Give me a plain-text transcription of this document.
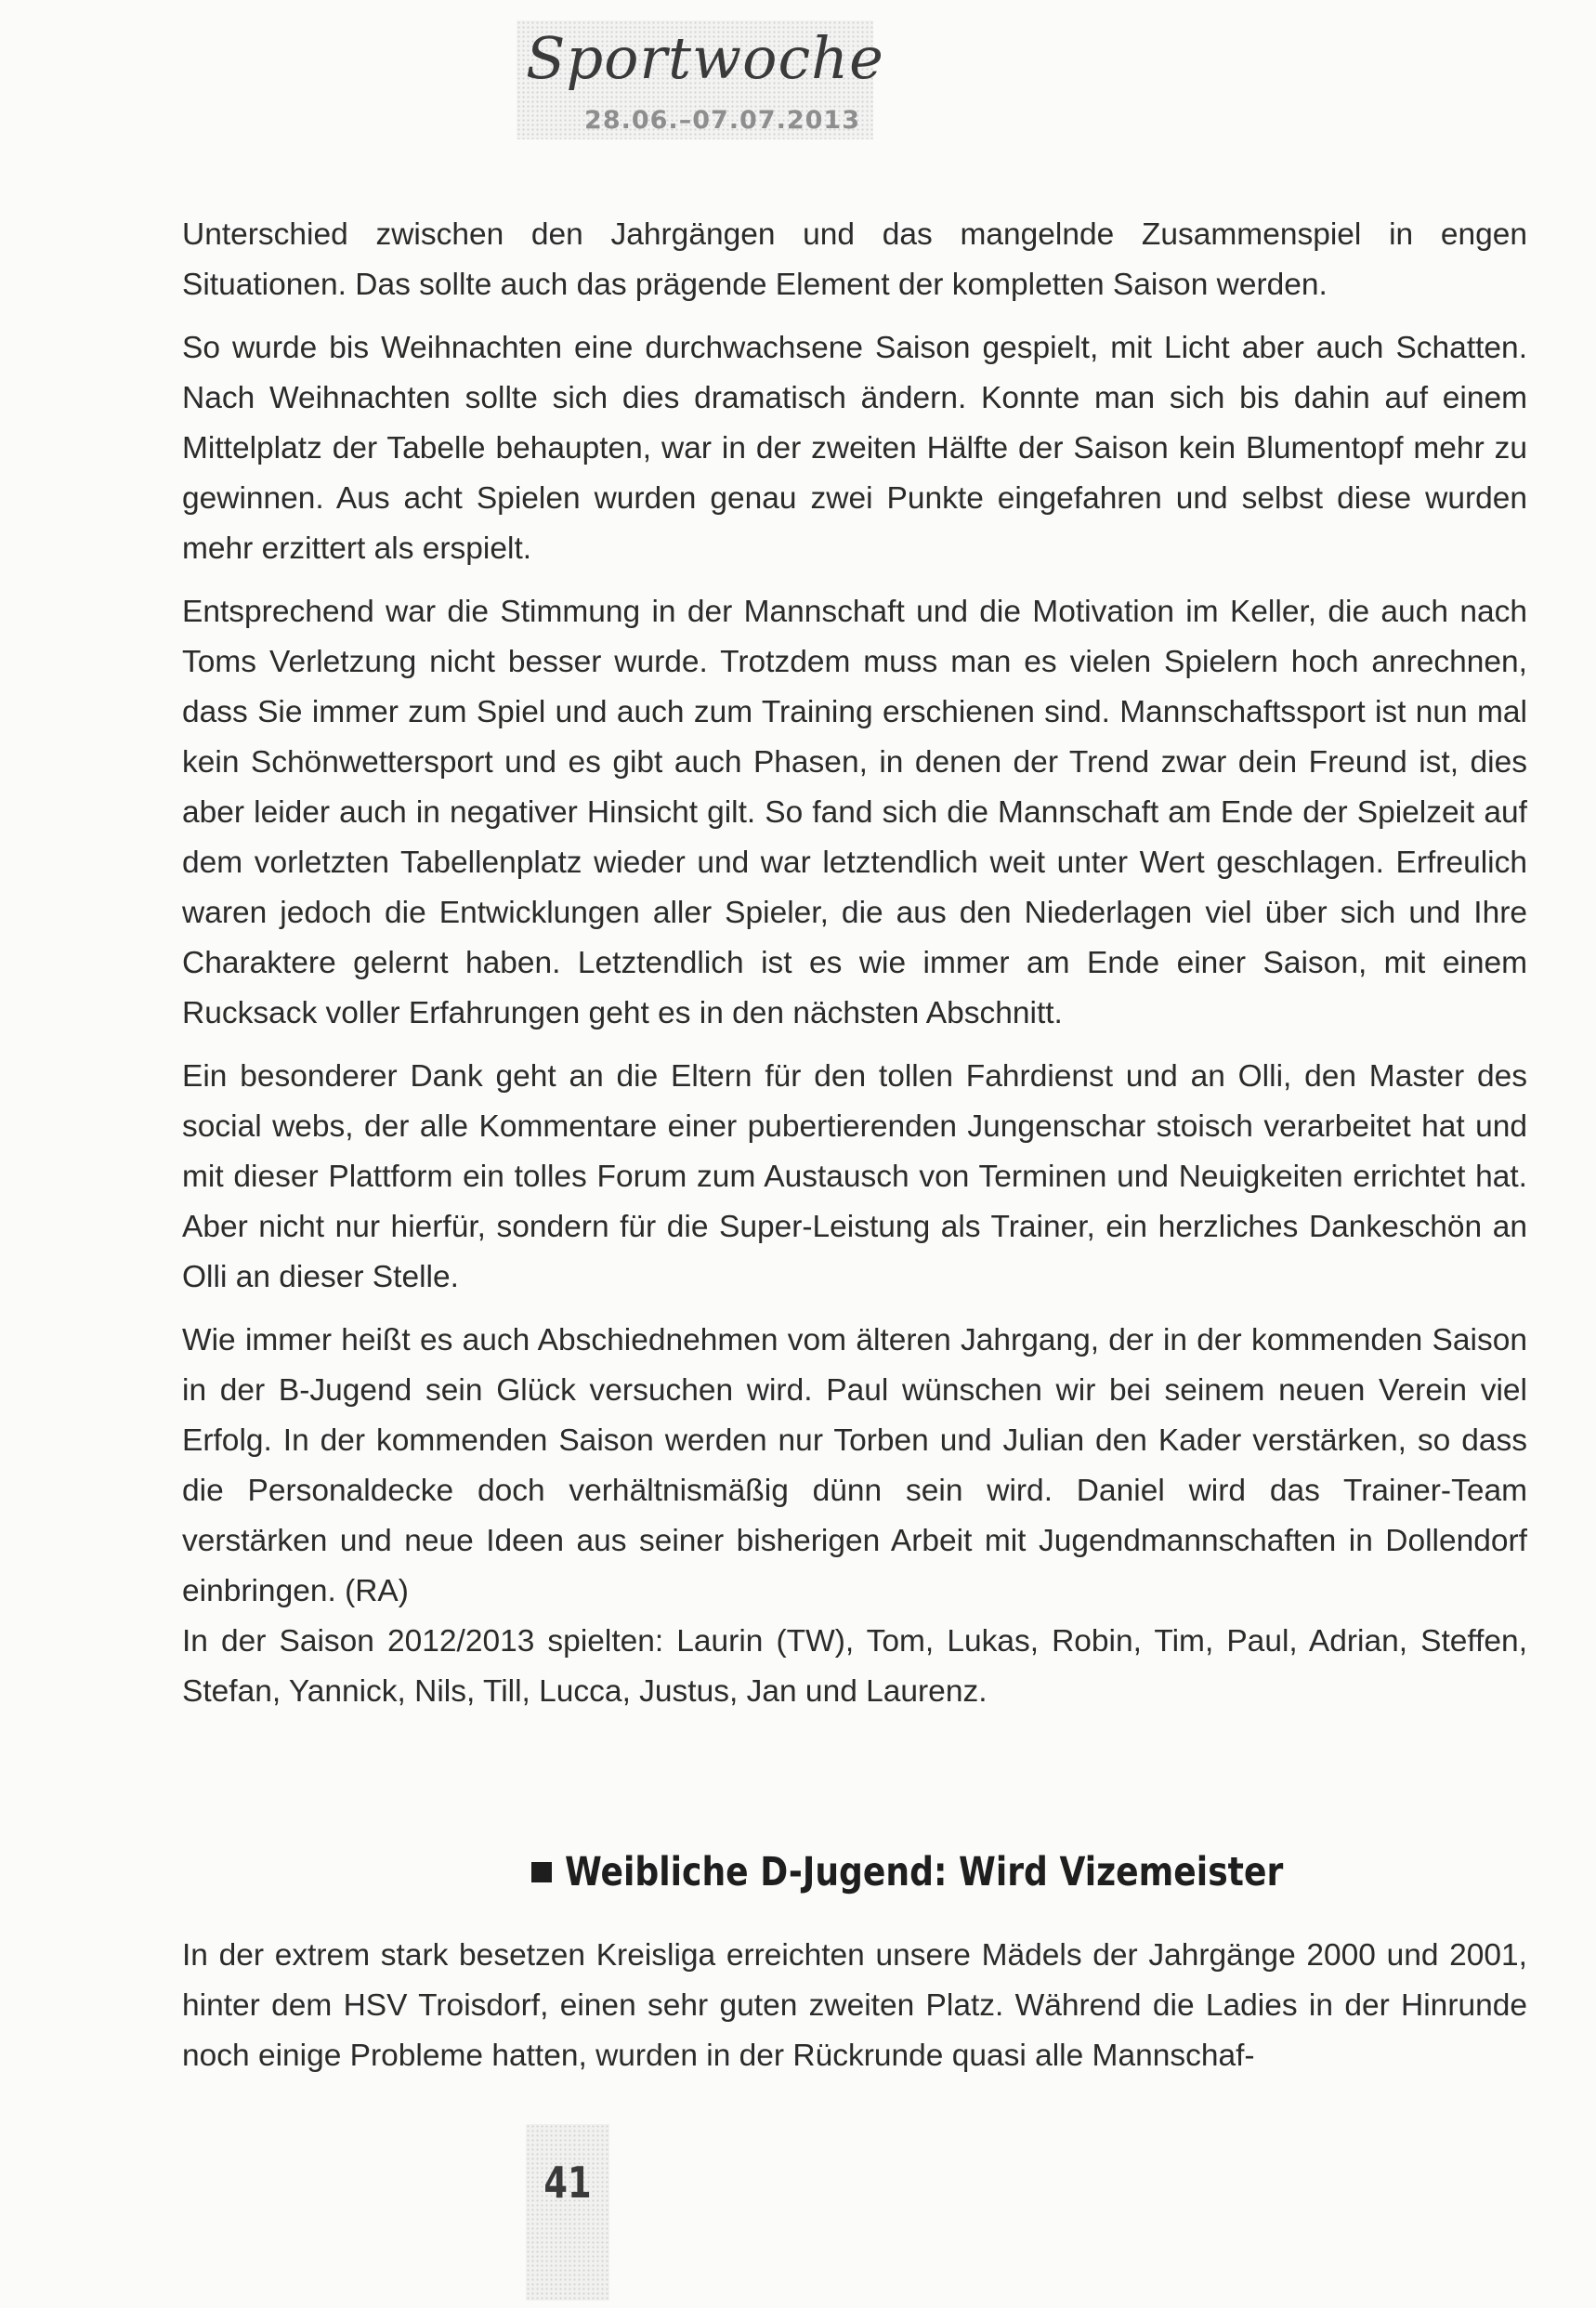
Sportwoche
28.06.–07.07.2013

Unterschied zwischen den Jahrgängen und das mangelnde Zusammenspiel in engen Situationen. Das sollte auch das prägende Element der kompletten Saison werden.

So wurde bis Weihnachten eine durchwachsene Saison gespielt, mit Licht aber auch Schatten. Nach Weihnachten sollte sich dies dramatisch ändern. Konnte man sich bis dahin auf einem Mittelplatz der Tabelle behaupten, war in der zweiten Hälfte der Saison kein Blumentopf mehr zu gewinnen. Aus acht Spielen wurden genau zwei Punkte eingefahren und selbst diese wurden mehr erzittert als erspielt.

Entsprechend war die Stimmung in der Mannschaft und die Motivation im Keller, die auch nach Toms Verletzung nicht besser wurde. Trotzdem muss man es vielen Spielern hoch anrechnen, dass Sie immer zum Spiel und auch zum Training erschienen sind. Mannschaftssport ist nun mal kein Schönwettersport und es gibt auch Phasen, in denen der Trend zwar dein Freund ist, dies aber leider auch in negativer Hinsicht gilt. So fand sich die Mannschaft am Ende der Spielzeit auf dem vorletzten Tabellenplatz wieder und war letztendlich weit unter Wert geschlagen. Erfreulich waren jedoch die Entwicklungen aller Spieler, die aus den Niederlagen viel über sich und Ihre Charaktere gelernt haben. Letztendlich ist es wie immer am Ende einer Saison, mit einem Rucksack voller Erfahrungen geht es in den nächsten Abschnitt.

Ein besonderer Dank geht an die Eltern für den tollen Fahrdienst und an Olli, den Master des social webs, der alle Kommentare einer pubertierenden Jungenschar stoisch verarbeitet hat und mit dieser Plattform ein tolles Forum zum Austausch von Terminen und Neuigkeiten errichtet hat. Aber nicht nur hierfür, sondern für die Super-Leistung als Trainer, ein herzliches Dankeschön an Olli an dieser Stelle.

Wie immer heißt es auch Abschiednehmen vom älteren Jahrgang, der in der kommenden Saison in der B-Jugend sein Glück versuchen wird. Paul wünschen wir bei seinem neuen Verein viel Erfolg. In der kommenden Saison werden nur Torben und Julian den Kader verstärken, so dass die Personaldecke doch verhältnismäßig dünn sein wird. Daniel wird das Trainer-Team verstärken und neue Ideen aus seiner bisherigen Arbeit mit Jugendmannschaften in Dollendorf einbringen. (RA)

In der Saison 2012/2013 spielten: Laurin (TW), Tom, Lukas, Robin, Tim, Paul, Adrian, Steffen, Stefan, Yannick, Nils, Till, Lucca, Justus, Jan und Laurenz.

Weibliche D-Jugend: Wird Vizemeister

In der extrem stark besetzen Kreisliga erreichten unsere Mädels der Jahrgänge 2000 und 2001, hinter dem HSV Troisdorf, einen sehr guten zweiten Platz. Während die Ladies in der Hinrunde noch einige Probleme hatten, wurden in der Rückrunde quasi alle Mannschaf-

41
